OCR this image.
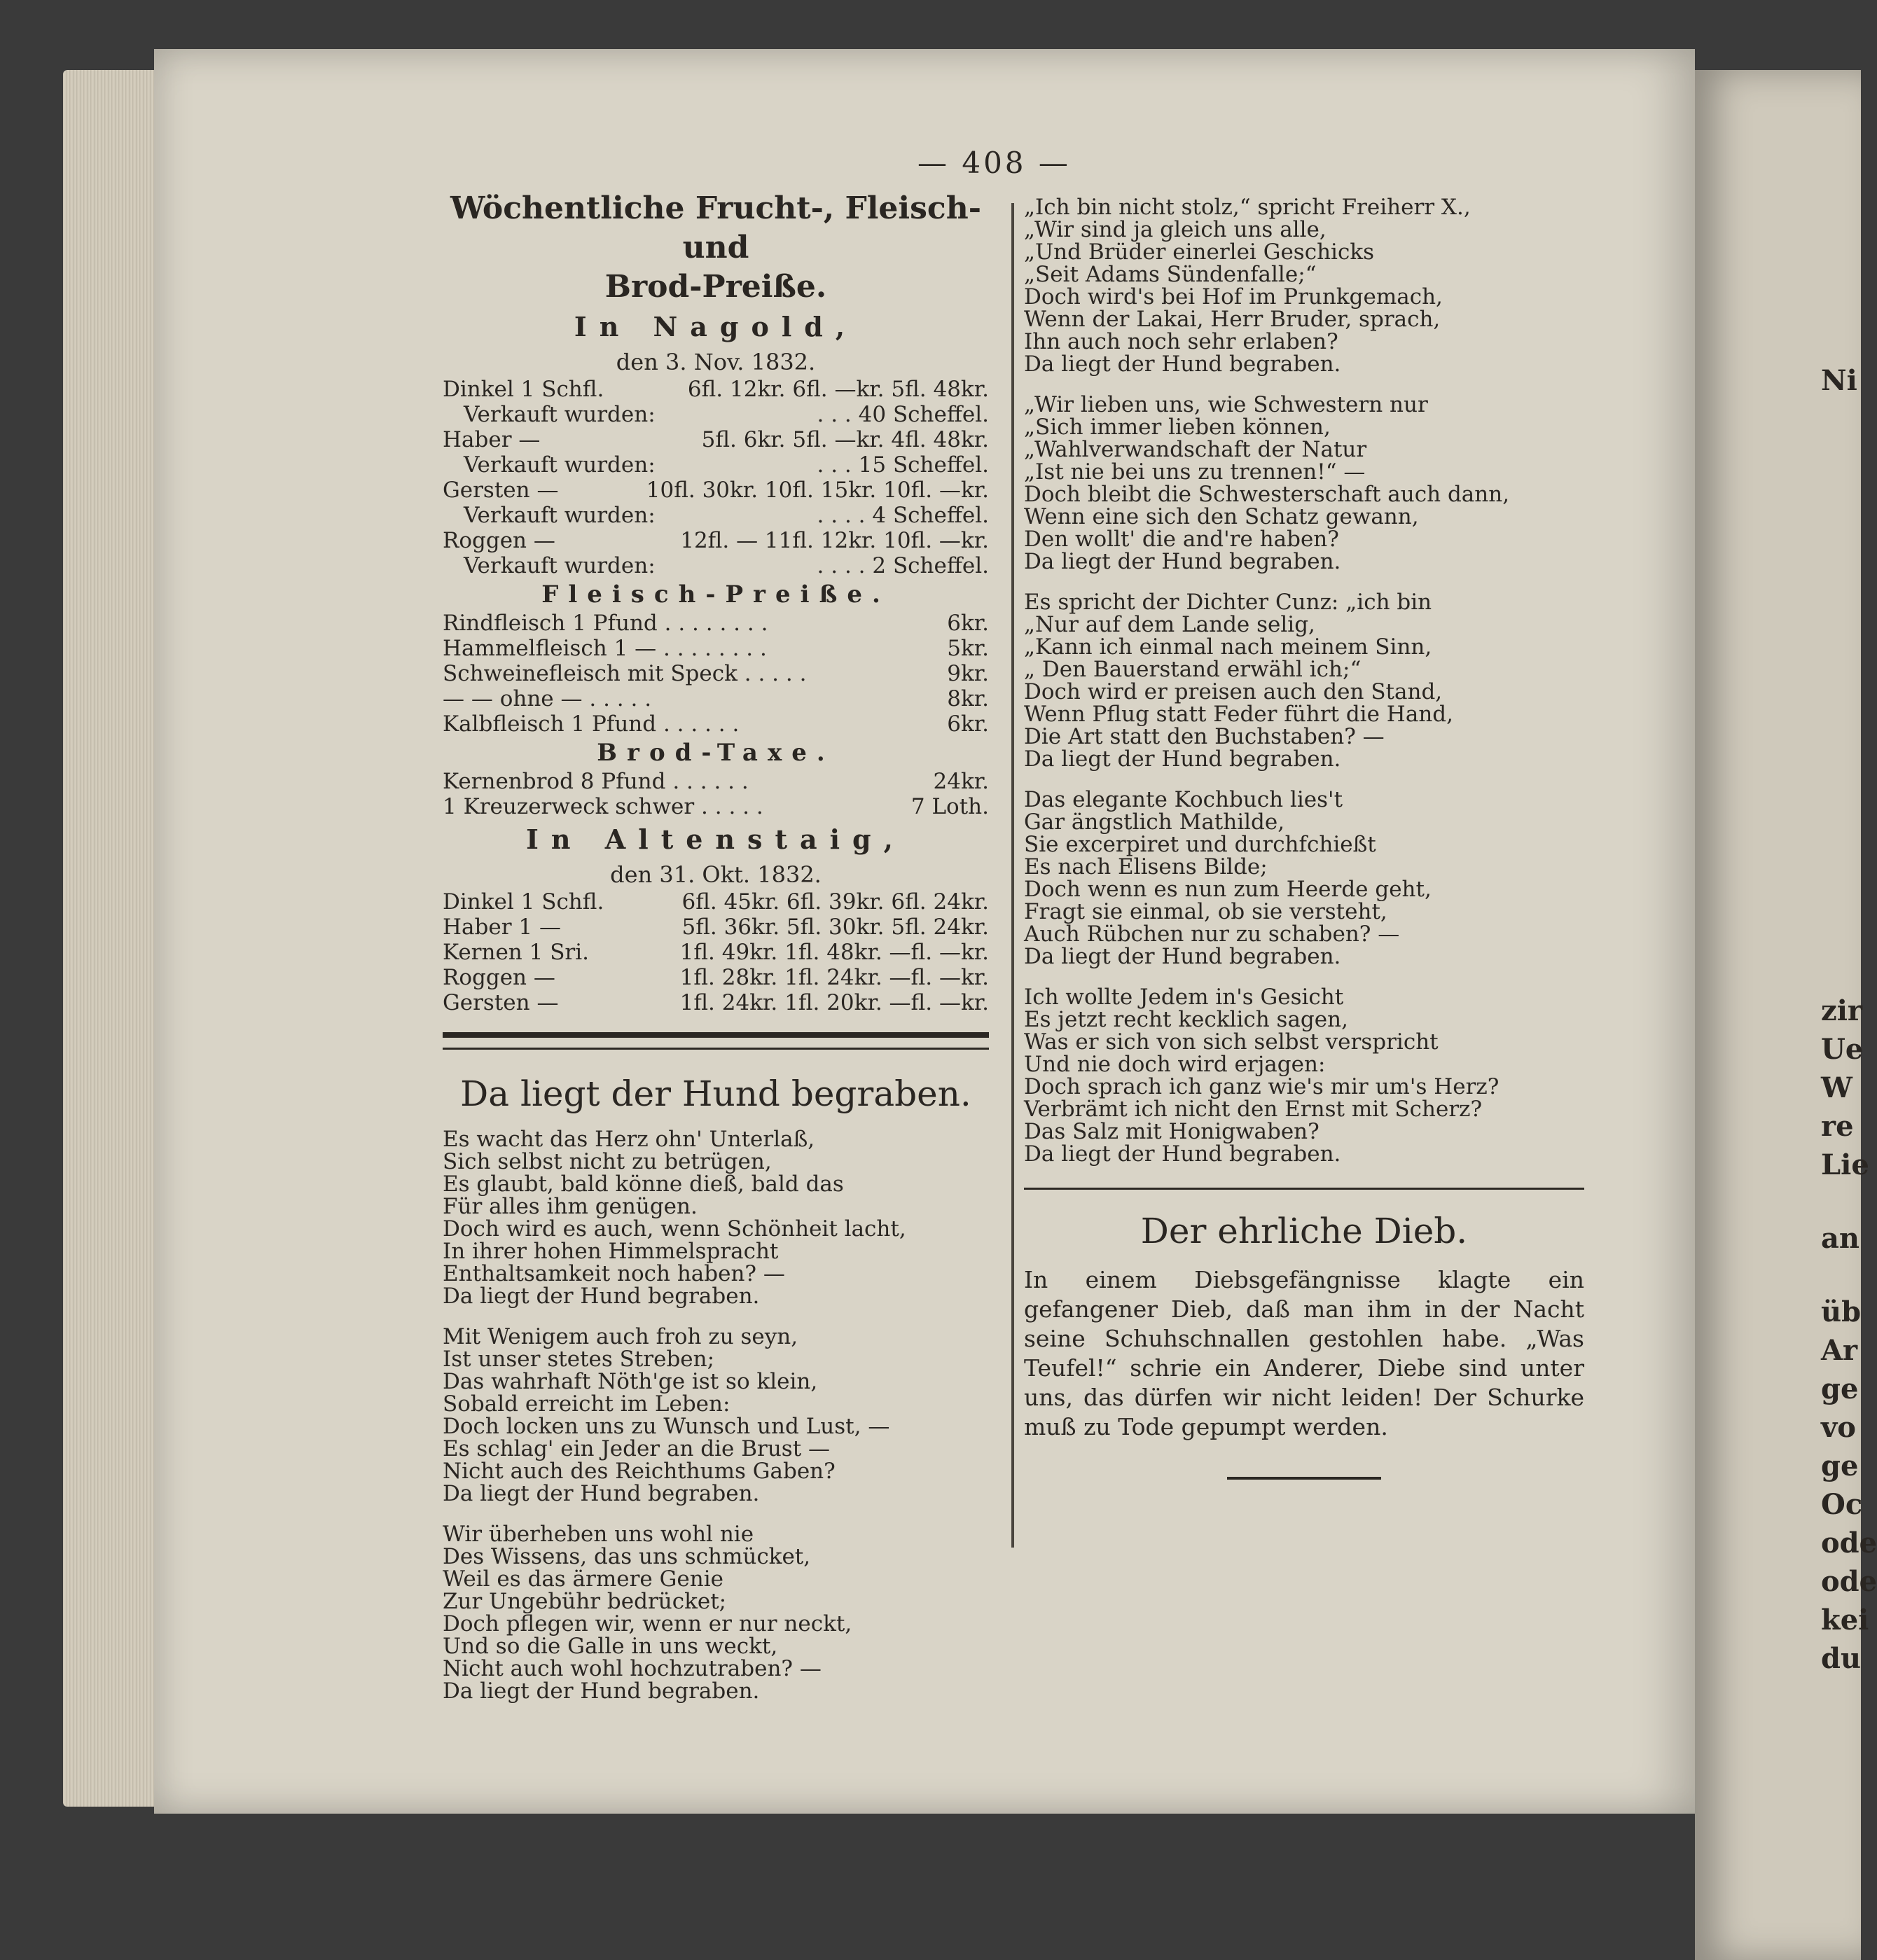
Ni
zir
Ue
W
re
Lie
an
üb
Ar
ge
vo
ge
Oc
ode
ode
kei
du
— 408 —
Wöchentliche Frucht-, Fleisch- und
Brod-Preiße.
In Nagold,
den 3. Nov. 1832.
Dinkel 1 Schfl.	6fl. 12kr. 6fl. —kr. 5fl. 48kr.
Verkauft wurden:	. . . 40 Scheffel.
Haber —	5fl. 6kr. 5fl. —kr. 4fl. 48kr.
Verkauft wurden:	. . . 15 Scheffel.
Gersten —	10fl. 30kr. 10fl. 15kr. 10fl. —kr.
Verkauft wurden:	. . . . 4 Scheffel.
Roggen —	12fl. — 11fl. 12kr. 10fl. —kr.
Verkauft wurden:	. . . . 2 Scheffel.
Fleisch-Preiße.
Rindfleisch 1 Pfund . . . . . . . .	6kr.
Hammelfleisch 1 — . . . . . . . .	5kr.
Schweinefleisch mit Speck . . . . .	9kr.
— — ohne — . . . . .	8kr.
Kalbfleisch 1 Pfund . . . . . .	6kr.
Brod-Taxe.
Kernenbrod 8 Pfund . . . . . .	24kr.
1 Kreuzerweck schwer . . . . .	7 Loth.
In Altenstaig,
den 31. Okt. 1832.
Dinkel 1 Schfl.	6fl. 45kr. 6fl. 39kr. 6fl. 24kr.
Haber 1 —	5fl. 36kr. 5fl. 30kr. 5fl. 24kr.
Kernen 1 Sri.	1fl. 49kr. 1fl. 48kr. —fl. —kr.
Roggen —	1fl. 28kr. 1fl. 24kr. —fl. —kr.
Gersten —	1fl. 24kr. 1fl. 20kr. —fl. —kr.
Da liegt der Hund begraben.
Es wacht das Herz ohn' Unterlaß,
Sich selbst nicht zu betrügen,
Es glaubt, bald könne dieß, bald das
Für alles ihm genügen.
Doch wird es auch, wenn Schönheit lacht,
In ihrer hohen Himmelspracht
Enthaltsamkeit noch haben? —
Da liegt der Hund begraben.
Mit Wenigem auch froh zu seyn,
Ist unser stetes Streben;
Das wahrhaft Nöth'ge ist so klein,
Sobald erreicht im Leben:
Doch locken uns zu Wunsch und Lust, —
Es schlag' ein Jeder an die Brust —
Nicht auch des Reichthums Gaben?
Da liegt der Hund begraben.
Wir überheben uns wohl nie
Des Wissens, das uns schmücket,
Weil es das ärmere Genie
Zur Ungebühr bedrücket;
Doch pflegen wir, wenn er nur neckt,
Und so die Galle in uns weckt,
Nicht auch wohl hochzutraben? —
Da liegt der Hund begraben.
„Ich bin nicht stolz,“ spricht Freiherr X.,
„Wir sind ja gleich uns alle,
„Und Brüder einerlei Geschicks
„Seit Adams Sündenfalle;“
Doch wird's bei Hof im Prunkgemach,
Wenn der Lakai, Herr Bruder, sprach,
Ihn auch noch sehr erlaben?
Da liegt der Hund begraben.
„Wir lieben uns, wie Schwestern nur
„Sich immer lieben können,
„Wahlverwandschaft der Natur
„Ist nie bei uns zu trennen!“ —
Doch bleibt die Schwesterschaft auch dann,
Wenn eine sich den Schatz gewann,
Den wollt' die and're haben?
Da liegt der Hund begraben.
Es spricht der Dichter Cunz: „ich bin
„Nur auf dem Lande selig,
„Kann ich einmal nach meinem Sinn,
„ Den Bauerstand erwähl ich;“
Doch wird er preisen auch den Stand,
Wenn Pflug statt Feder führt die Hand,
Die Art statt den Buchstaben? —
Da liegt der Hund begraben.
Das elegante Kochbuch lies't
Gar ängstlich Mathilde,
Sie excerpiret und durchfchießt
Es nach Elisens Bilde;
Doch wenn es nun zum Heerde geht,
Fragt sie einmal, ob sie versteht,
Auch Rübchen nur zu schaben? —
Da liegt der Hund begraben.
Ich wollte Jedem in's Gesicht
Es jetzt recht kecklich sagen,
Was er sich von sich selbst verspricht
Und nie doch wird erjagen:
Doch sprach ich ganz wie's mir um's Herz?
Verbrämt ich nicht den Ernst mit Scherz?
Das Salz mit Honigwaben?
Da liegt der Hund begraben.
Der ehrliche Dieb.
In einem Diebsgefängnisse klagte ein gefangener Dieb, daß man ihm in der Nacht seine Schuhschnallen gestohlen habe. „Was Teufel!“ schrie ein Anderer, Diebe sind unter uns, das dürfen wir nicht leiden! Der Schurke muß zu Tode gepumpt werden.
